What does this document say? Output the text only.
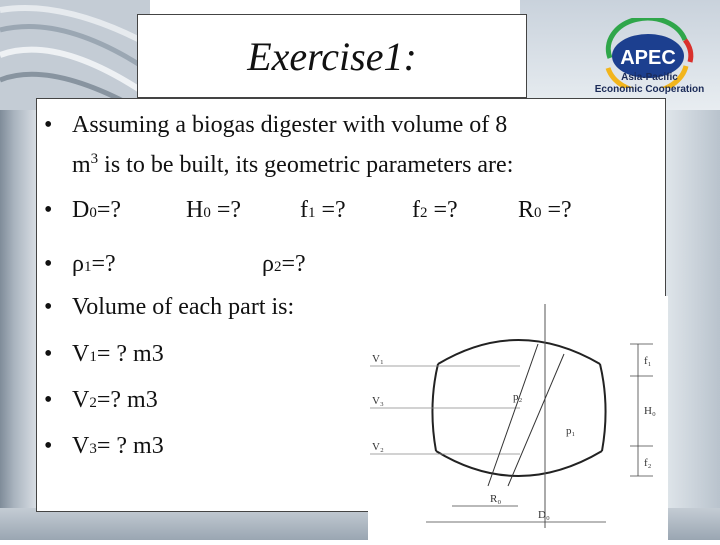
Exercise1:	APEC
Asia-Pacific
Economic Cooperation
• Assuming a biogas digester with volume of 8
$m^3$ is to be built, its geometric parameters are:
• D0=?	H0 =? f1 =?	f2 =?	R0 =?
• ρ1=?	ρ2=?
• Volume of each part is:
• V1= ? m3
• V2=? m3
• V3= ? m3
V₁
V₃
V₂
p₂
p₁
f₁
H₀
f₂
R₀
D₀
